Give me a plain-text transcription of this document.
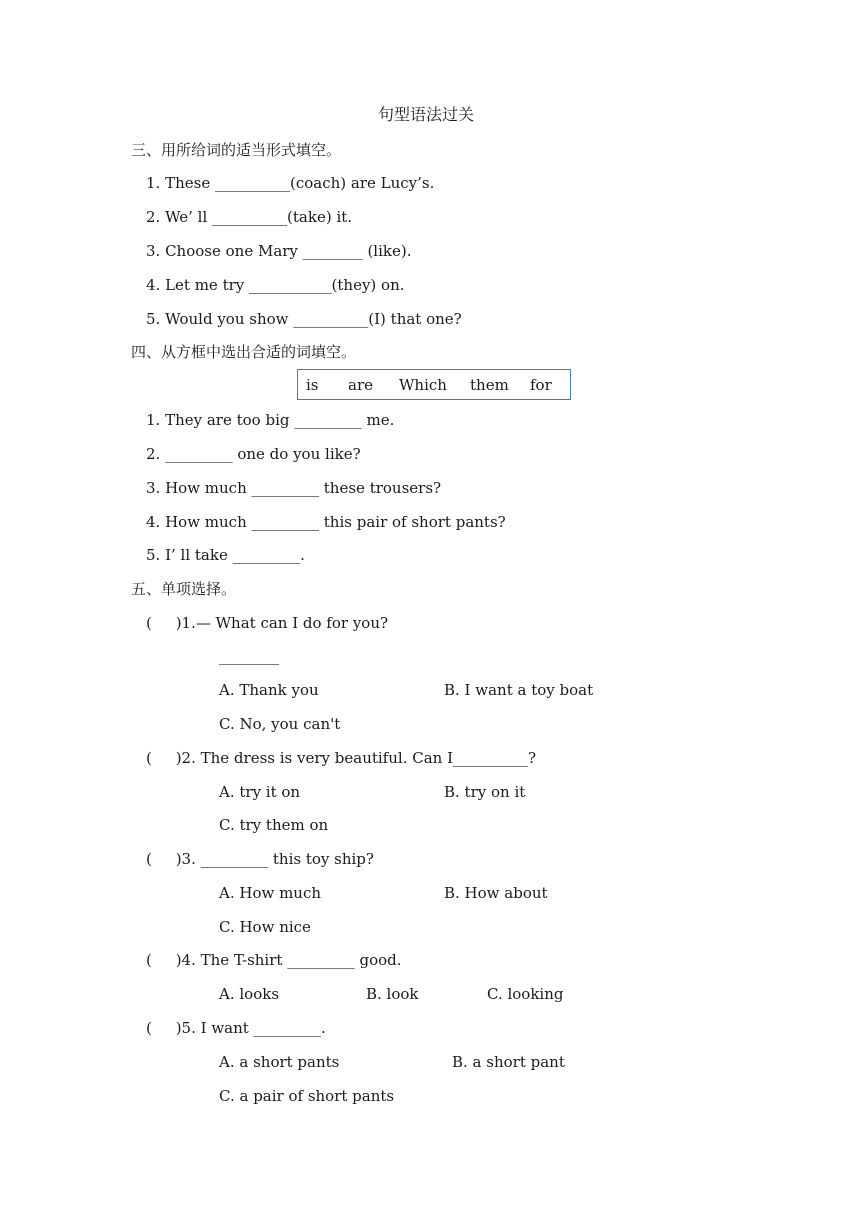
句型语法过关
三、用所给词的适当形式填空。
1. These __________(coach) are Lucy’s.
2. We’ ll __________(take) it.
3. Choose one Mary ________ (like).
4. Let me try ___________(they) on.
5. Would you show __________(I) that one?
四、从方框中选出合适的词填空。
is are Which them for
1. They are too big _________ me.
2. _________ one do you like?
3. How much _________ these trousers?
4. How much _________ this pair of short pants?
5. I’ ll take _________.
五、单项选择。
(     )1.— What can I do for you?
________
A. Thank you	B. I want a toy boat
C. No, you can't
(     )2. The dress is very beautiful. Can I__________?
A. try it on	B. try on it
C. try them on
(     )3. _________ this toy ship?
A. How much	B. How about
C. How nice
(     )4. The T-shirt _________ good.
A. looks	B. look	C. looking
(     )5. I want _________.
A. a short pants	B. a short pant
C. a pair of short pants
